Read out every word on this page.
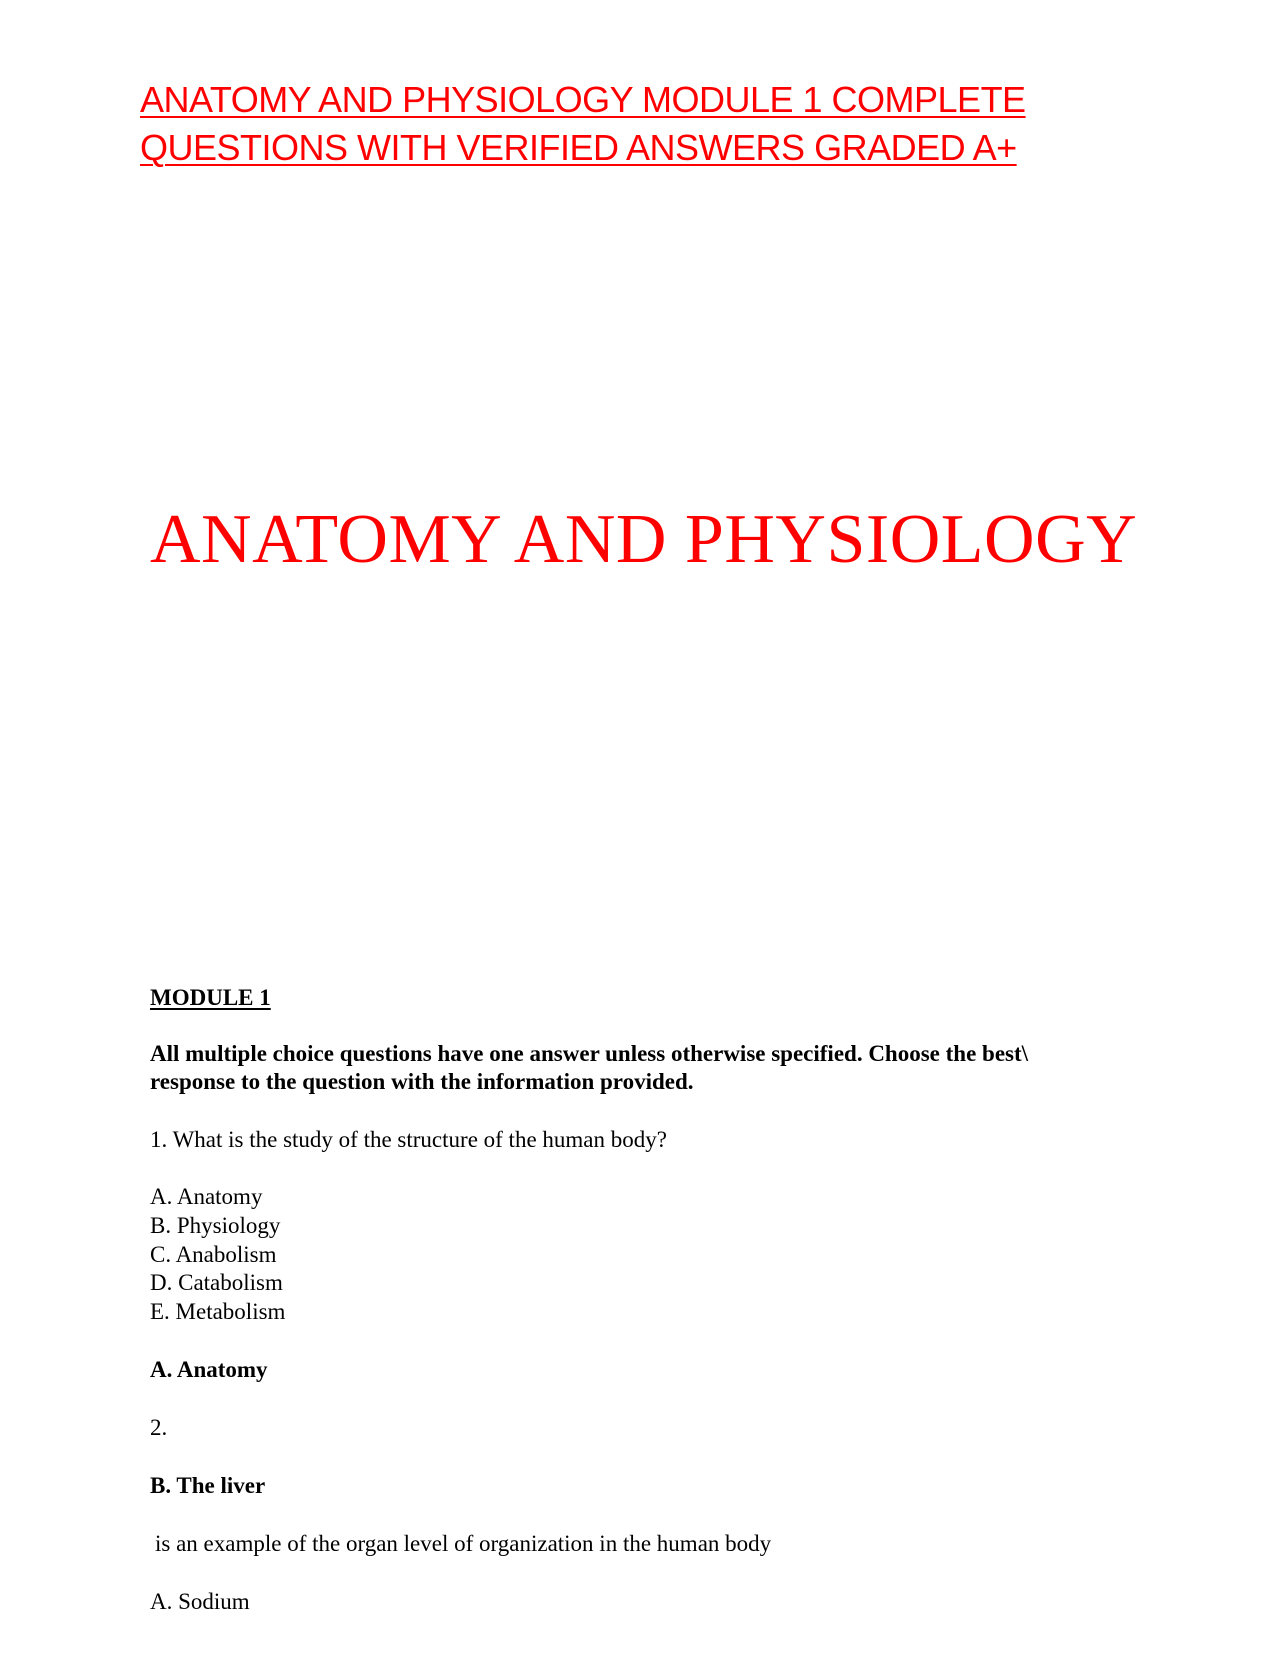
ANATOMY AND PHYSIOLOGY MODULE 1 COMPLETE
QUESTIONS WITH VERIFIED ANSWERS GRADED A+
ANATOMY AND PHYSIOLOGY
MODULE 1
All multiple choice questions have one answer unless otherwise specified. Choose the best\
response to the question with the information provided.
1. What is the study of the structure of the human body?
A. Anatomy
B. Physiology
C. Anabolism
D. Catabolism
E. Metabolism
A. Anatomy
2.
B. The liver
is an example of the organ level of organization in the human body
A. Sodium
